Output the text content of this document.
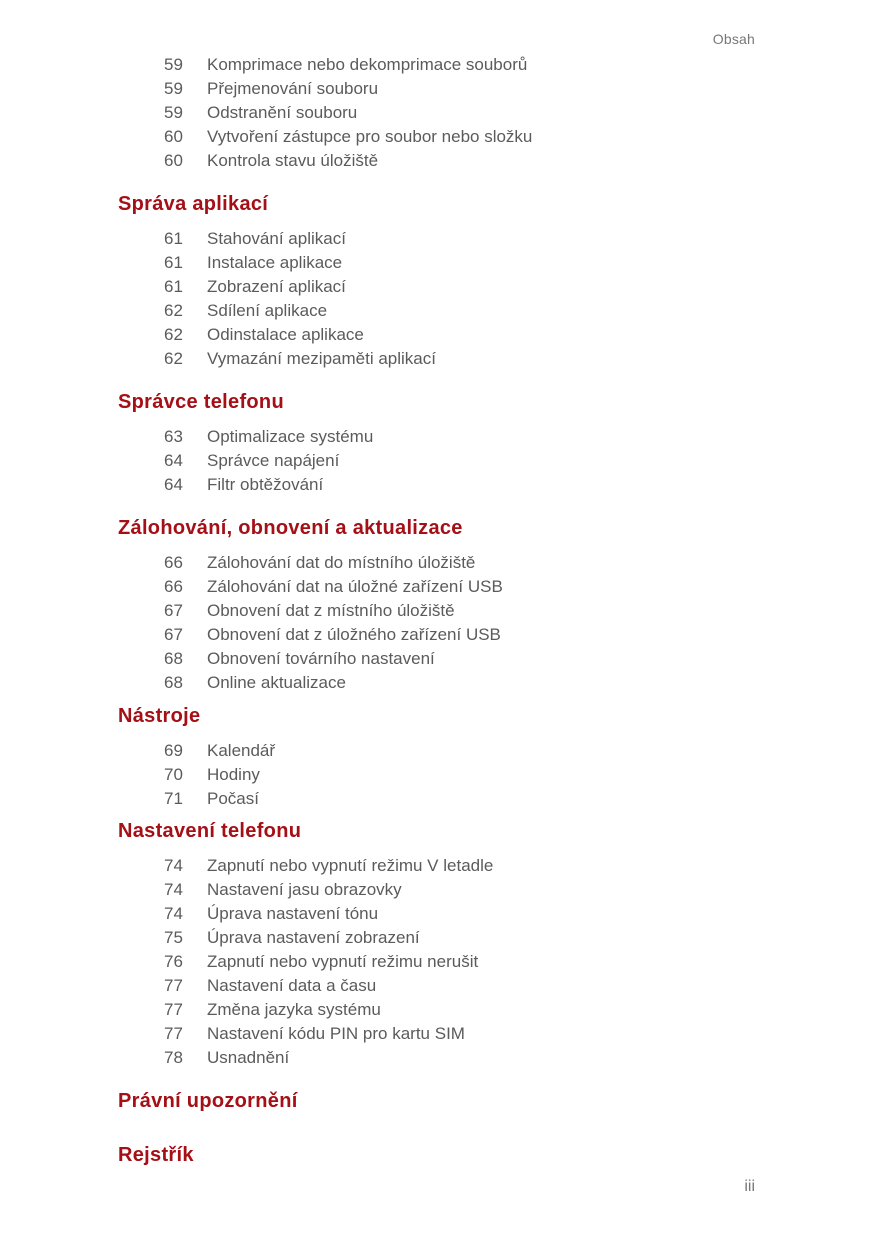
Obsah
59	Komprimace nebo dekomprimace souborů
59	Přejmenování souboru
59	Odstranění souboru
60	Vytvoření zástupce pro soubor nebo složku
60	Kontrola stavu úložiště
Správa aplikací
61	Stahování aplikací
61	Instalace aplikace
61	Zobrazení aplikací
62	Sdílení aplikace
62	Odinstalace aplikace
62	Vymazání mezipaměti aplikací
Správce telefonu
63	Optimalizace systému
64	Správce napájení
64	Filtr obtěžování
Zálohování, obnovení a aktualizace
66	Zálohování dat do místního úložiště
66	Zálohování dat na úložné zařízení USB
67	Obnovení dat z místního úložiště
67	Obnovení dat z úložného zařízení USB
68	Obnovení továrního nastavení
68	Online aktualizace
Nástroje
69	Kalendář
70	Hodiny
71	Počasí
Nastavení telefonu
74	Zapnutí nebo vypnutí režimu V letadle
74	Nastavení jasu obrazovky
74	Úprava nastavení tónu
75	Úprava nastavení zobrazení
76	Zapnutí nebo vypnutí režimu nerušit
77	Nastavení data a času
77	Změna jazyka systému
77	Nastavení kódu PIN pro kartu SIM
78	Usnadnění
Právní upozornění
Rejstřík
iii
